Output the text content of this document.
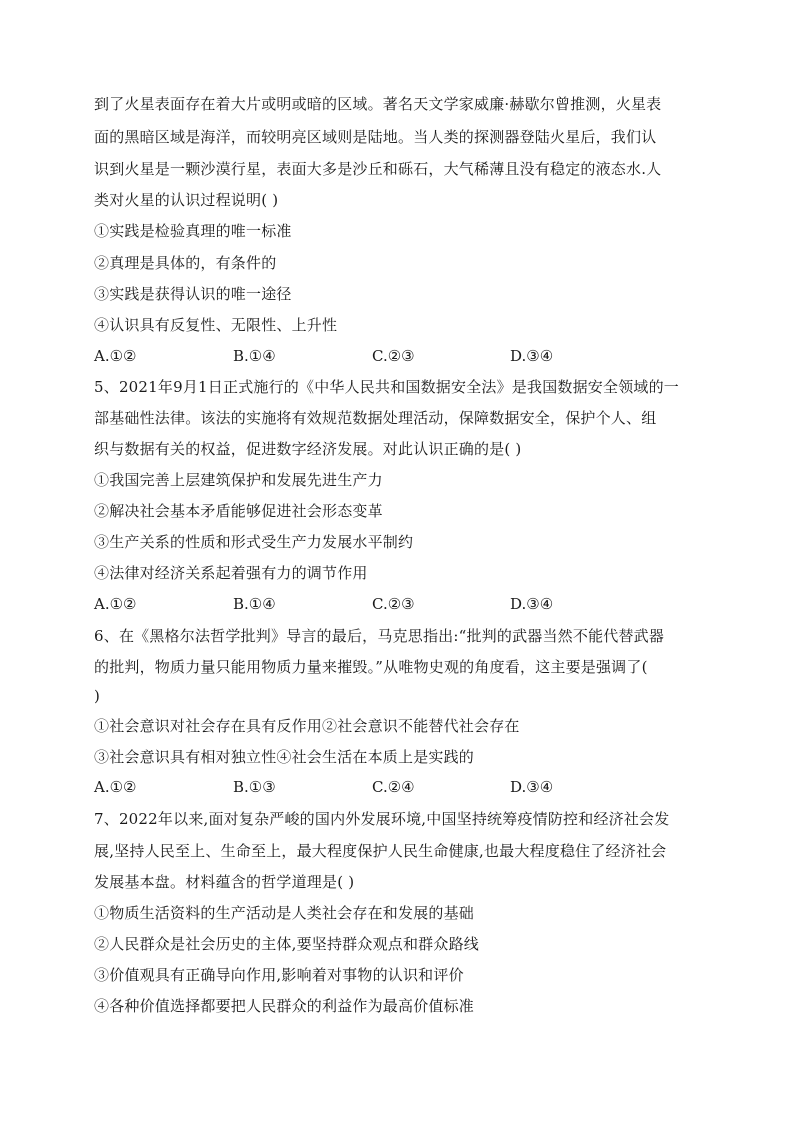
到了火星表面存在着大片或明或暗的区域。著名天文学家威廉·赫歇尔曾推测，火星表
面的黑暗区域是海洋，而较明亮区域则是陆地。当人类的探测器登陆火星后，我们认
识到火星是一颗沙漠行星，表面大多是沙丘和砾石，大气稀薄且没有稳定的液态水.人
类对火星的认识过程说明( )
①实践是检验真理的唯一标准
②真理是具体的，有条件的
③实践是获得认识的唯一途径
④认识具有反复性、无限性、上升性
A.①②	B.①④	C.②③	D.③④
5、2021年9月1日正式施行的《中华人民共和国数据安全法》是我国数据安全领域的一
部基础性法律。该法的实施将有效规范数据处理活动，保障数据安全，保护个人、组
织与数据有关的权益，促进数字经济发展。对此认识正确的是( )
①我国完善上层建筑保护和发展先进生产力
②解决社会基本矛盾能够促进社会形态变革
③生产关系的性质和形式受生产力发展水平制约
④法律对经济关系起着强有力的调节作用
A.①②	B.①④	C.②③	D.③④
6、在《黑格尔法哲学批判》导言的最后，马克思指出:“批判的武器当然不能代替武器
的批判，物质力量只能用物质力量来摧毁。”从唯物史观的角度看，这主要是强调了(
)
①社会意识对社会存在具有反作用②社会意识不能替代社会存在
③社会意识具有相对独立性④社会生活在本质上是实践的
A.①②	B.①③	C.②④	D.③④
7、2022年以来,面对复杂严峻的国内外发展环境,中国坚持统筹疫情防控和经济社会发
展,坚持人民至上、生命至上，最大程度保护人民生命健康,也最大程度稳住了经济社会
发展基本盘。材料蕴含的哲学道理是( )
①物质生活资料的生产活动是人类社会存在和发展的基础
②人民群众是社会历史的主体,要坚持群众观点和群众路线
③价值观具有正确导向作用,影响着对事物的认识和评价
④各种价值选择都要把人民群众的利益作为最高价值标准
